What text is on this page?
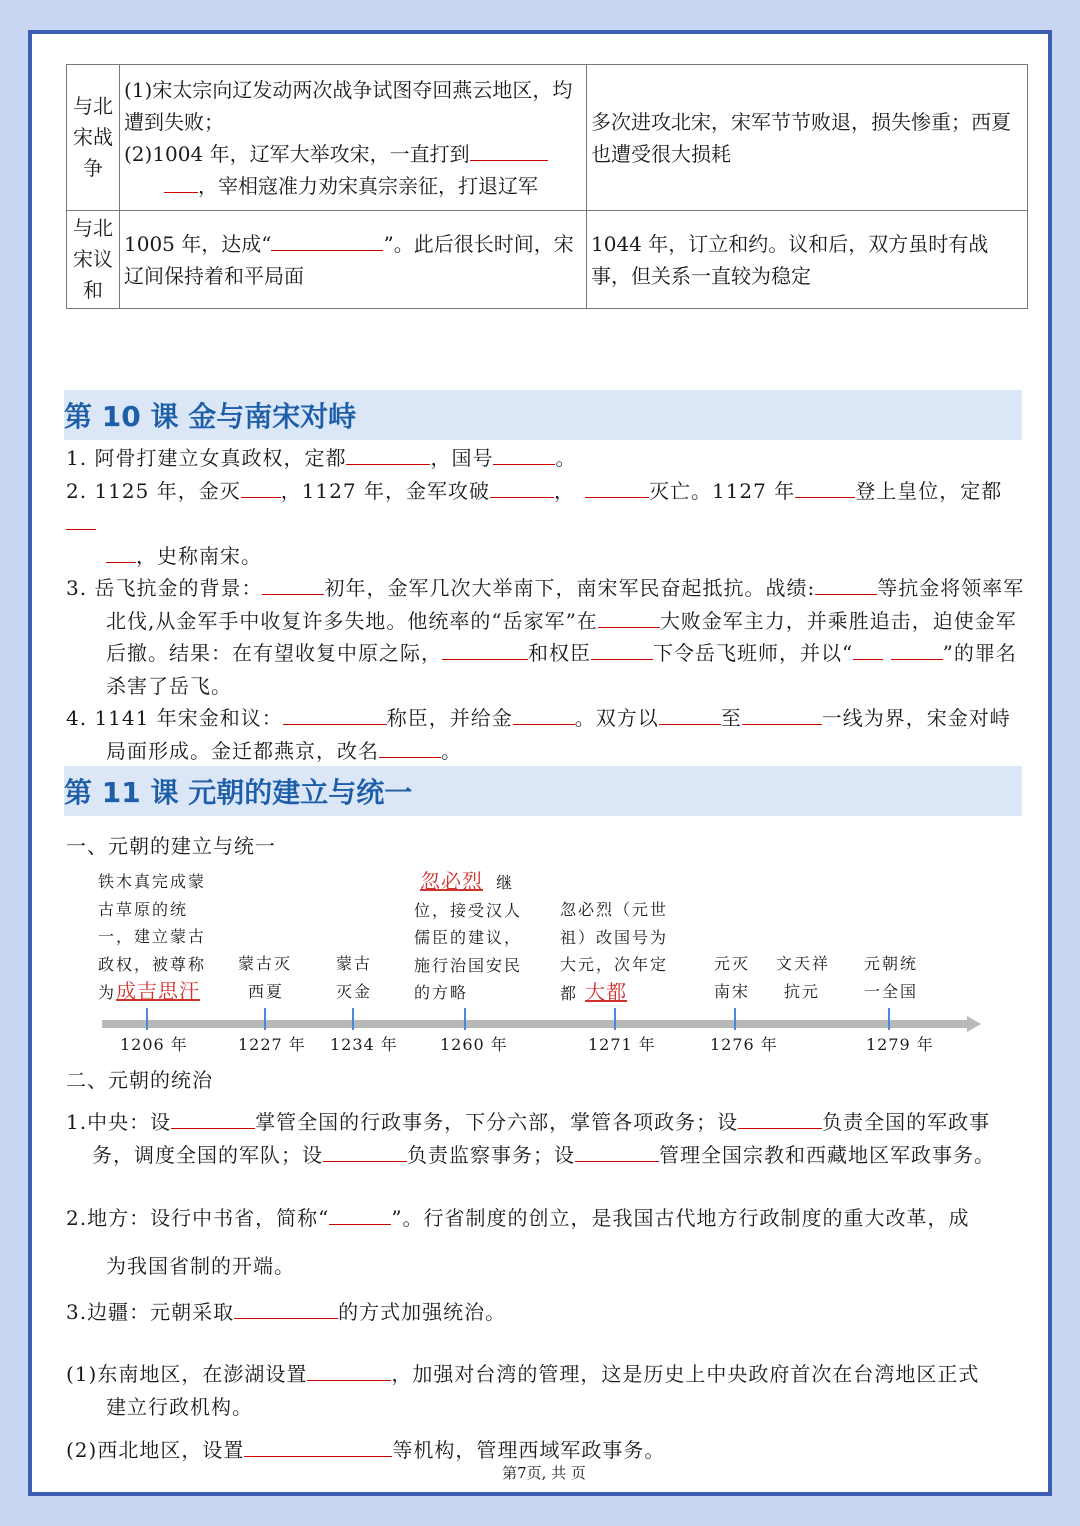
与北宋战争	(1)宋太宗向辽发动两次战争试图夺回燕云地区，均遭到失败；
(2)1004 年，辽军大举攻宋，一直打到
，宰相寇准力劝宋真宗亲征，打退辽军	多次进攻北宋，宋军节节败退，损失惨重；西夏也遭受很大损耗
与北宋议和	1005 年，达成“ ”。此后很长时间，宋辽间保持着和平局面	1044 年，订立和约。议和后，双方虽时有战事，但关系一直较为稳定
第 10 课 金与南宋对峙
1. 阿骨打建立女真政权，定都	，国号	。
2. 1125 年，金灭 ，1127 年，金军攻破	，	灭亡。1127 年	登上皇位，定都
，史称南宋。
3. 岳飞抗金的背景：	初年，金军几次大举南下，南宋军民奋起抵抗。战绩:	等抗金将领率军北伐,从金军手中收复许多失地。他统率的“岳家军”在	大败金军主力，并乘胜追击，迫使金军后撤。结果：在有望收复中原之际，	和权臣	下令岳飞班师，并以“	”的罪名杀害了岳飞。
4. 1141 年宋金和议：	称臣，并给金	。双方以	至	一线为界，宋金对峙局面形成。金迁都燕京，改名	。
第 11 课 元朝的建立与统一
一、元朝的建立与统一
铁木真完成蒙
古草原的统
一，建立蒙古
政权，被尊称
为成吉思汗
蒙古灭
西夏
蒙古
灭金
忽必烈 继
位，接受汉人
儒臣的建议，
施行治国安民
的方略
忽必烈（元世
祖）改国号为
大元，次年定
都 大都
元灭
南宋
文天祥
抗元
元朝统
一全国
1206 年	1227 年 1234 年	1260 年	1271 年	1276 年	1279 年
二、元朝的统治
1.中央：设	掌管全国的行政事务，下分六部，掌管各项政务；设	负责全国的军政事务，调度全国的军队；设	负责监察事务；设	管理全国宗教和西藏地区军政事务。
2.地方：设行中书省，简称“	”。行省制度的创立，是我国古代地方行政制度的重大改革，成
为我国省制的开端。
3.边疆：元朝采取	的方式加强统治。
(1)东南地区，在澎湖设置	，加强对台湾的管理，这是历史上中央政府首次在台湾地区正式
建立行政机构。
(2)西北地区，设置	等机构，管理西域军政事务。
第7页, 共 页
